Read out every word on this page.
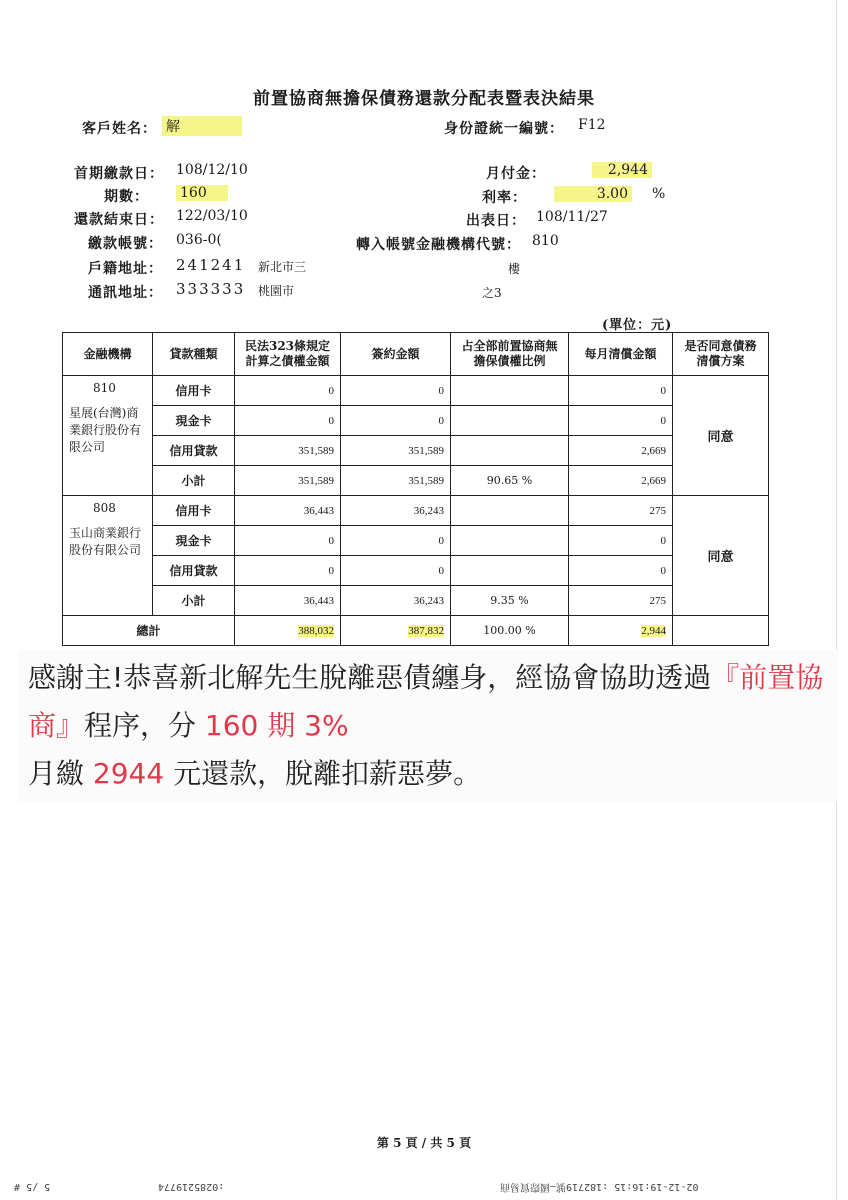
前置協商無擔保債務還款分配表暨表決結果
客戶姓名： 解	身份證統一編號： F12
首期繳款日： 108/12/10
期數： 160
還款結束日： 122/03/10
繳款帳號： 036-0(
戶籍地址： 241241 新北市三
通訊地址： 333333 桃園市
月付金：	2,944
利率：	3.00 %
出表日： 108/11/27
轉入帳號金融機構代號： 810
樓
之3
(單位：元)
金融機構	貸款種類	民法323條規定計算之債權金額	簽約金額	占全部前置協商無擔保債權比例	每月清償金額	是否同意債務清償方案

810
星展(台灣)商業銀行股份有限公司	信用卡	0	0		0	同意
	現金卡	0	0		0	
	信用貸款	351,589	351,589		2,669	
	小計	351,589	351,589	90.65 %	2,669	

808
玉山商業銀行股份有限公司	信用卡	36,443	36,243		275	同意
	現金卡	0	0		0	
	信用貸款	0	0		0	
	小計	36,443	36,243	9.35 %	275	
總計		388,032	387,832	100.00 %	2,944	
感謝主!恭喜新北解先生脫離惡債纏身，經協會協助透過『前置協商』程序，分 160 期 3%
月繳 2944 元還款，脫離扣薪惡夢。
第 5 頁 / 共 5 頁
5 /5 #	:0285219774	02-12-19:16:15 :182719號—國際貿易商
